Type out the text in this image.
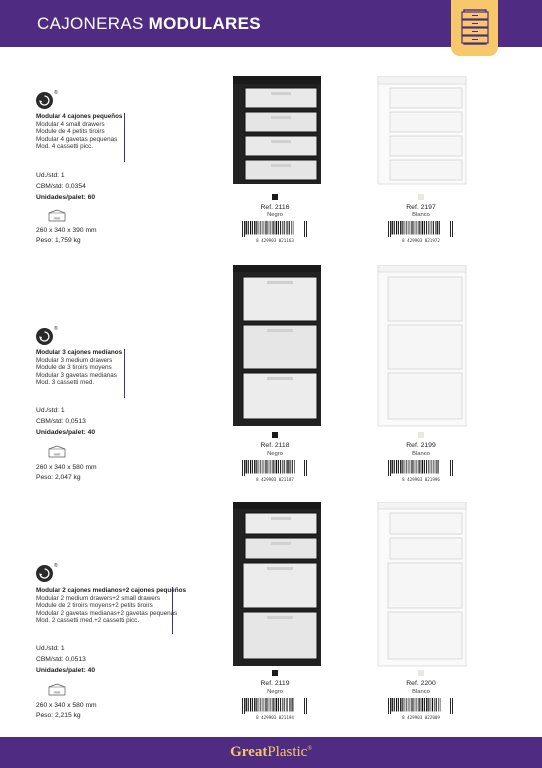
CAJONERAS MODULARES
®
Modular 4 cajones pequeños
Modular 4 small drawers
Module de 4 petits tiroirs
Modular 4 gavetas pequenas
Mod. 4 cassetti picc.
Ud./std: 1
CBM/std: 0,0354
Unidades/palet: 60
mm
260 x 340 x 390 mm
Peso: 1,759 kg
Ref. 2116
Negro
8 429903 021163
Ref. 2197
Blanco
8 429903 021972
®
Modular 3 cajones medianos
Modular 3 medium drawers
Module de 3 tiroirs moyens
Modular 3 gavetas medianas
Mod. 3 cassetti med.
Ud./std: 1
CBM/std: 0,0513
Unidades/palet: 40
mm
260 x 340 x 580 mm
Peso: 2,047 kg
Ref. 2118
Negro
8 429903 021187
Ref. 2199
Blanco
8 429903 021996
®
Modular 2 cajones medianos+2 cajones pequeños
Modular 2 medium drawers+2 small drawers
Module de 2 tiroirs moyens+2 petits tiroirs
Modular 2 gavetas medianas+2 gavetas pequenas
Mod. 2 cassetti med.+2 cassetti picc.
Ud./std: 1
CBM/std: 0,0513
Unidades/palet: 40
mm
260 x 340 x 580 mm
Peso: 2,215 kg
Ref. 2119
Negro
8 429903 021194
Ref. 2200
Blanco
8 429903 022009
GreatPlastic®
